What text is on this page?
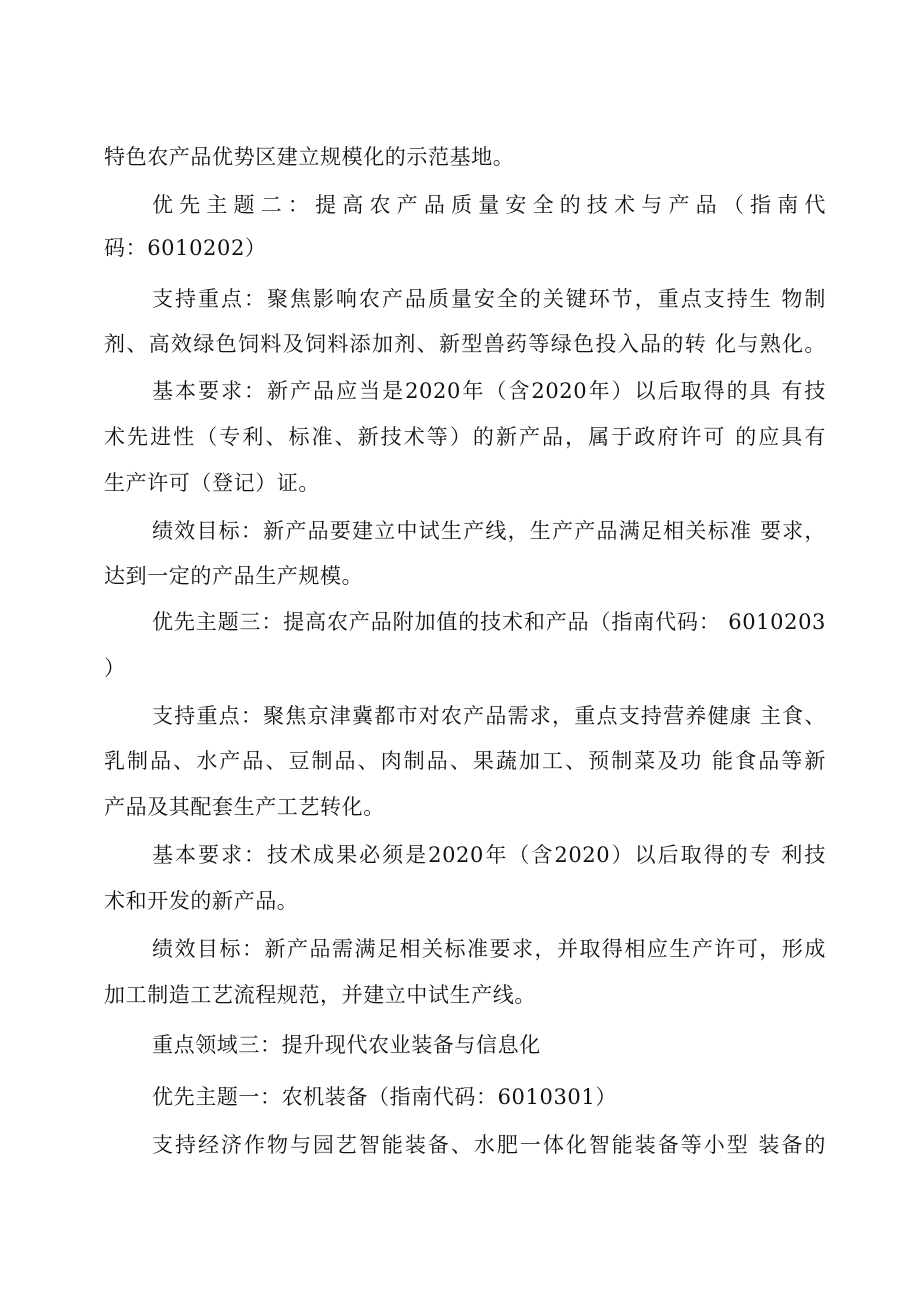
特色农产品优势区建立规模化的示范基地。
优先主题二：提高农产品质量安全的技术与产品（指南代
码：6010202）
支持重点：聚焦影响农产品质量安全的关键环节，重点支持生 物制
剂、高效绿色饲料及饲料添加剂、新型兽药等绿色投入品的转 化与熟化。
基本要求：新产品应当是2020年（含2020年）以后取得的具 有技
术先进性（专利、标准、新技术等）的新产品，属于政府许可 的应具有
生产许可（登记）证。
绩效目标：新产品要建立中试生产线，生产产品满足相关标准 要求，
达到一定的产品生产规模。
优先主题三：提高农产品附加值的技术和产品（指南代码： 6010203
）
支持重点：聚焦京津冀都市对农产品需求，重点支持营养健康 主食、
乳制品、水产品、豆制品、肉制品、果蔬加工、预制菜及功 能食品等新
产品及其配套生产工艺转化。
基本要求：技术成果必须是2020年（含2020）以后取得的专 利技
术和开发的新产品。
绩效目标：新产品需满足相关标准要求，并取得相应生产许可，形成
加工制造工艺流程规范，并建立中试生产线。
重点领域三：提升现代农业装备与信息化
优先主题一：农机装备（指南代码：6010301）
支持经济作物与园艺智能装备、水肥一体化智能装备等小型 装备的
